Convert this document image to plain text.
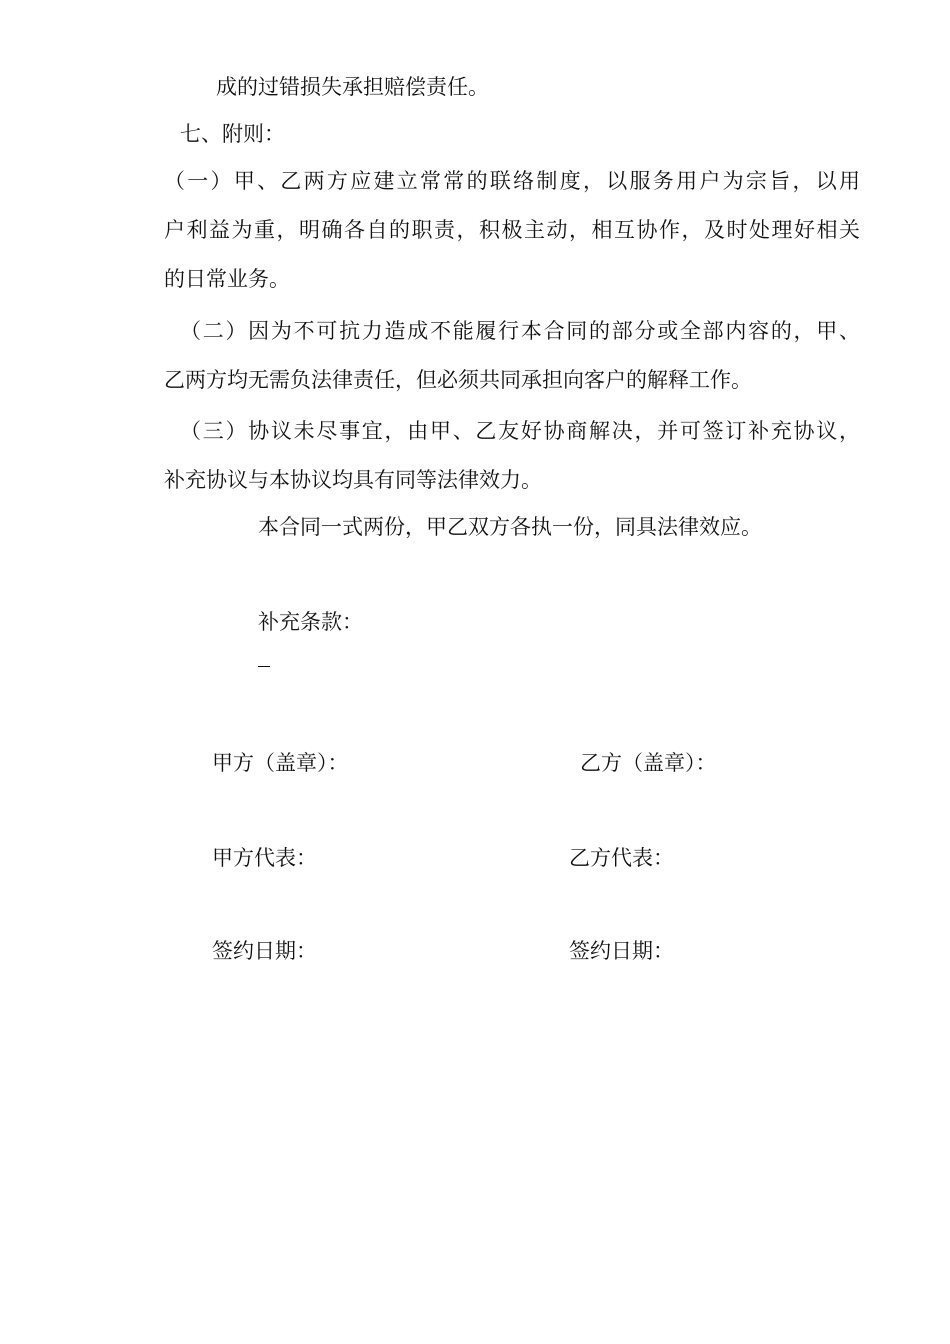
成的过错损失承担赔偿责任。
七、附则：
（一）甲、乙两方应建立常常的联络制度，以服务用户为宗旨，以用
户利益为重，明确各自的职责，积极主动，相互协作，及时处理好相关
的日常业务。
（二）因为不可抗力造成不能履行本合同的部分或全部内容的，甲、
乙两方均无需负法律责任，但必须共同承担向客户的解释工作。
（三）协议未尽事宜，由甲、乙友好协商解决，并可签订补充协议，
补充协议与本协议均具有同等法律效力。
本合同一式两份，甲乙双方各执一份，同具法律效应。
补充条款：
甲方（盖章）：	乙方（盖章）：
甲方代表：	乙方代表：
签约日期：	签约日期：
